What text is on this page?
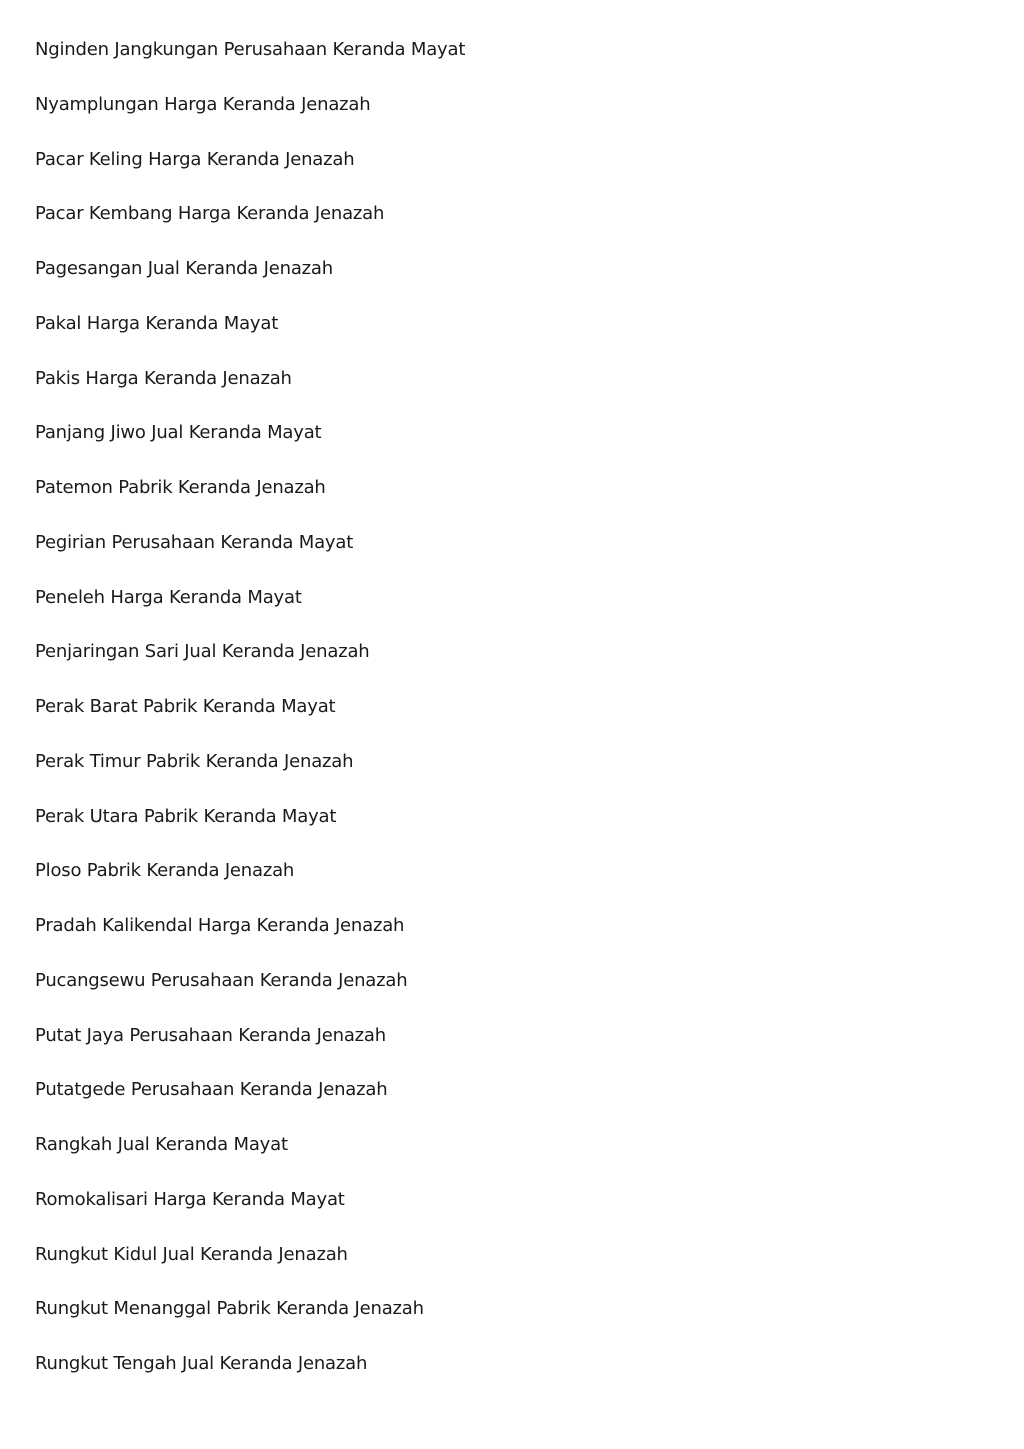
Nginden Jangkungan Perusahaan Keranda Mayat
Nyamplungan Harga Keranda Jenazah
Pacar Keling Harga Keranda Jenazah
Pacar Kembang Harga Keranda Jenazah
Pagesangan Jual Keranda Jenazah
Pakal Harga Keranda Mayat
Pakis Harga Keranda Jenazah
Panjang Jiwo Jual Keranda Mayat
Patemon Pabrik Keranda Jenazah
Pegirian Perusahaan Keranda Mayat
Peneleh Harga Keranda Mayat
Penjaringan Sari Jual Keranda Jenazah
Perak Barat Pabrik Keranda Mayat
Perak Timur Pabrik Keranda Jenazah
Perak Utara Pabrik Keranda Mayat
Ploso Pabrik Keranda Jenazah
Pradah Kalikendal Harga Keranda Jenazah
Pucangsewu Perusahaan Keranda Jenazah
Putat Jaya Perusahaan Keranda Jenazah
Putatgede Perusahaan Keranda Jenazah
Rangkah Jual Keranda Mayat
Romokalisari Harga Keranda Mayat
Rungkut Kidul Jual Keranda Jenazah
Rungkut Menanggal Pabrik Keranda Jenazah
Rungkut Tengah Jual Keranda Jenazah
